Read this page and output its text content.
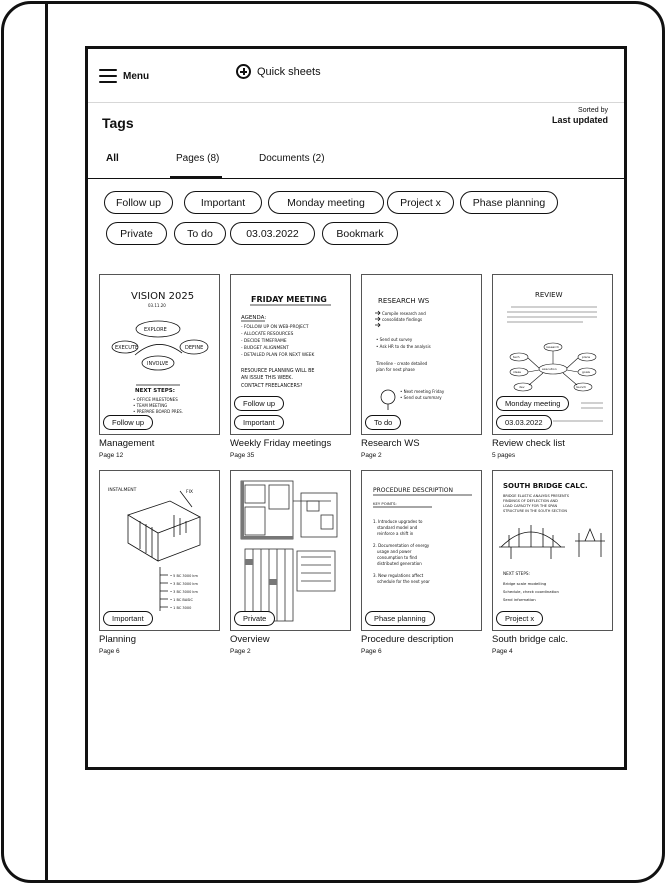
Menu	Quick sheets
Tags
Sorted by
Last updated
All	Pages (8)	Documents (2)
Follow up	Important	Monday meeting	Project x	Phase planning
Private	To do	03.03.2022	Bookmark
VISION 2025
03.11.20
EXPLORE
EXECUTE	DEFINE
INVOLVE
NEXT STEPS:
• OFFICE MILESTONES
• TEAM MEETING
• PREPARE BOARD PRES.
Follow up
Management
Page 12
FRIDAY MEETING
AGENDA:
- FOLLOW UP ON WEB-PROJECT
- ALLOCATE RESOURCES
- DECIDE TIMEFRAME
- BUDGET ALIGNMENT
- DETAILED PLAN FOR NEXT WEEK
RESOURCE PLANNING WILL BE
AN ISSUE THIS WEEK.
CONTACT FREELANCERS?
Follow up
Important
Weekly Friday meetings
Page 35
RESEARCH WS
Compile research and
consolidate findings
• Send out survey
• Ask HR to do the analysis
Timeline - create detailed
plan for next phase
• Next meeting Friday
• Send out summary
To do
Research WS
Page 2
REVIEW
research
tech	plans
ideas	goals
dev	launch
execution
Monday meeting
03.03.2022
Review check list
5 pages
INSTALMENT	FIX
• 5 BC 3000 km
• 3 BC 3000 km
• 3 BC 3000 km
• 1 BC BASIC
• 1 BC 3000
Important
Planning
Page 6
Private
Overview
Page 2
PROCEDURE DESCRIPTION
KEY POINTS:
1. Introduce upgrades to
standard model and
reinforce a shift in
2. Documentation of energy
usage and power
consumption to find
distributed generation
3. New regulations affect
schedule for the next year
Phase planning
Procedure description
Page 6
SOUTH BRIDGE CALC.
BRIDGE ELASTIC ANALYSIS PRESENTS
FINDINGS OF DEFLECTION AND
LOAD CAPACITY FOR THE SPAN
STRUCTURE IN THE SOUTH SECTION
NEXT STEPS:
Bridge scale modelling
Schedule, check coordination
Send information
Project x
South bridge calc.
Page 4
